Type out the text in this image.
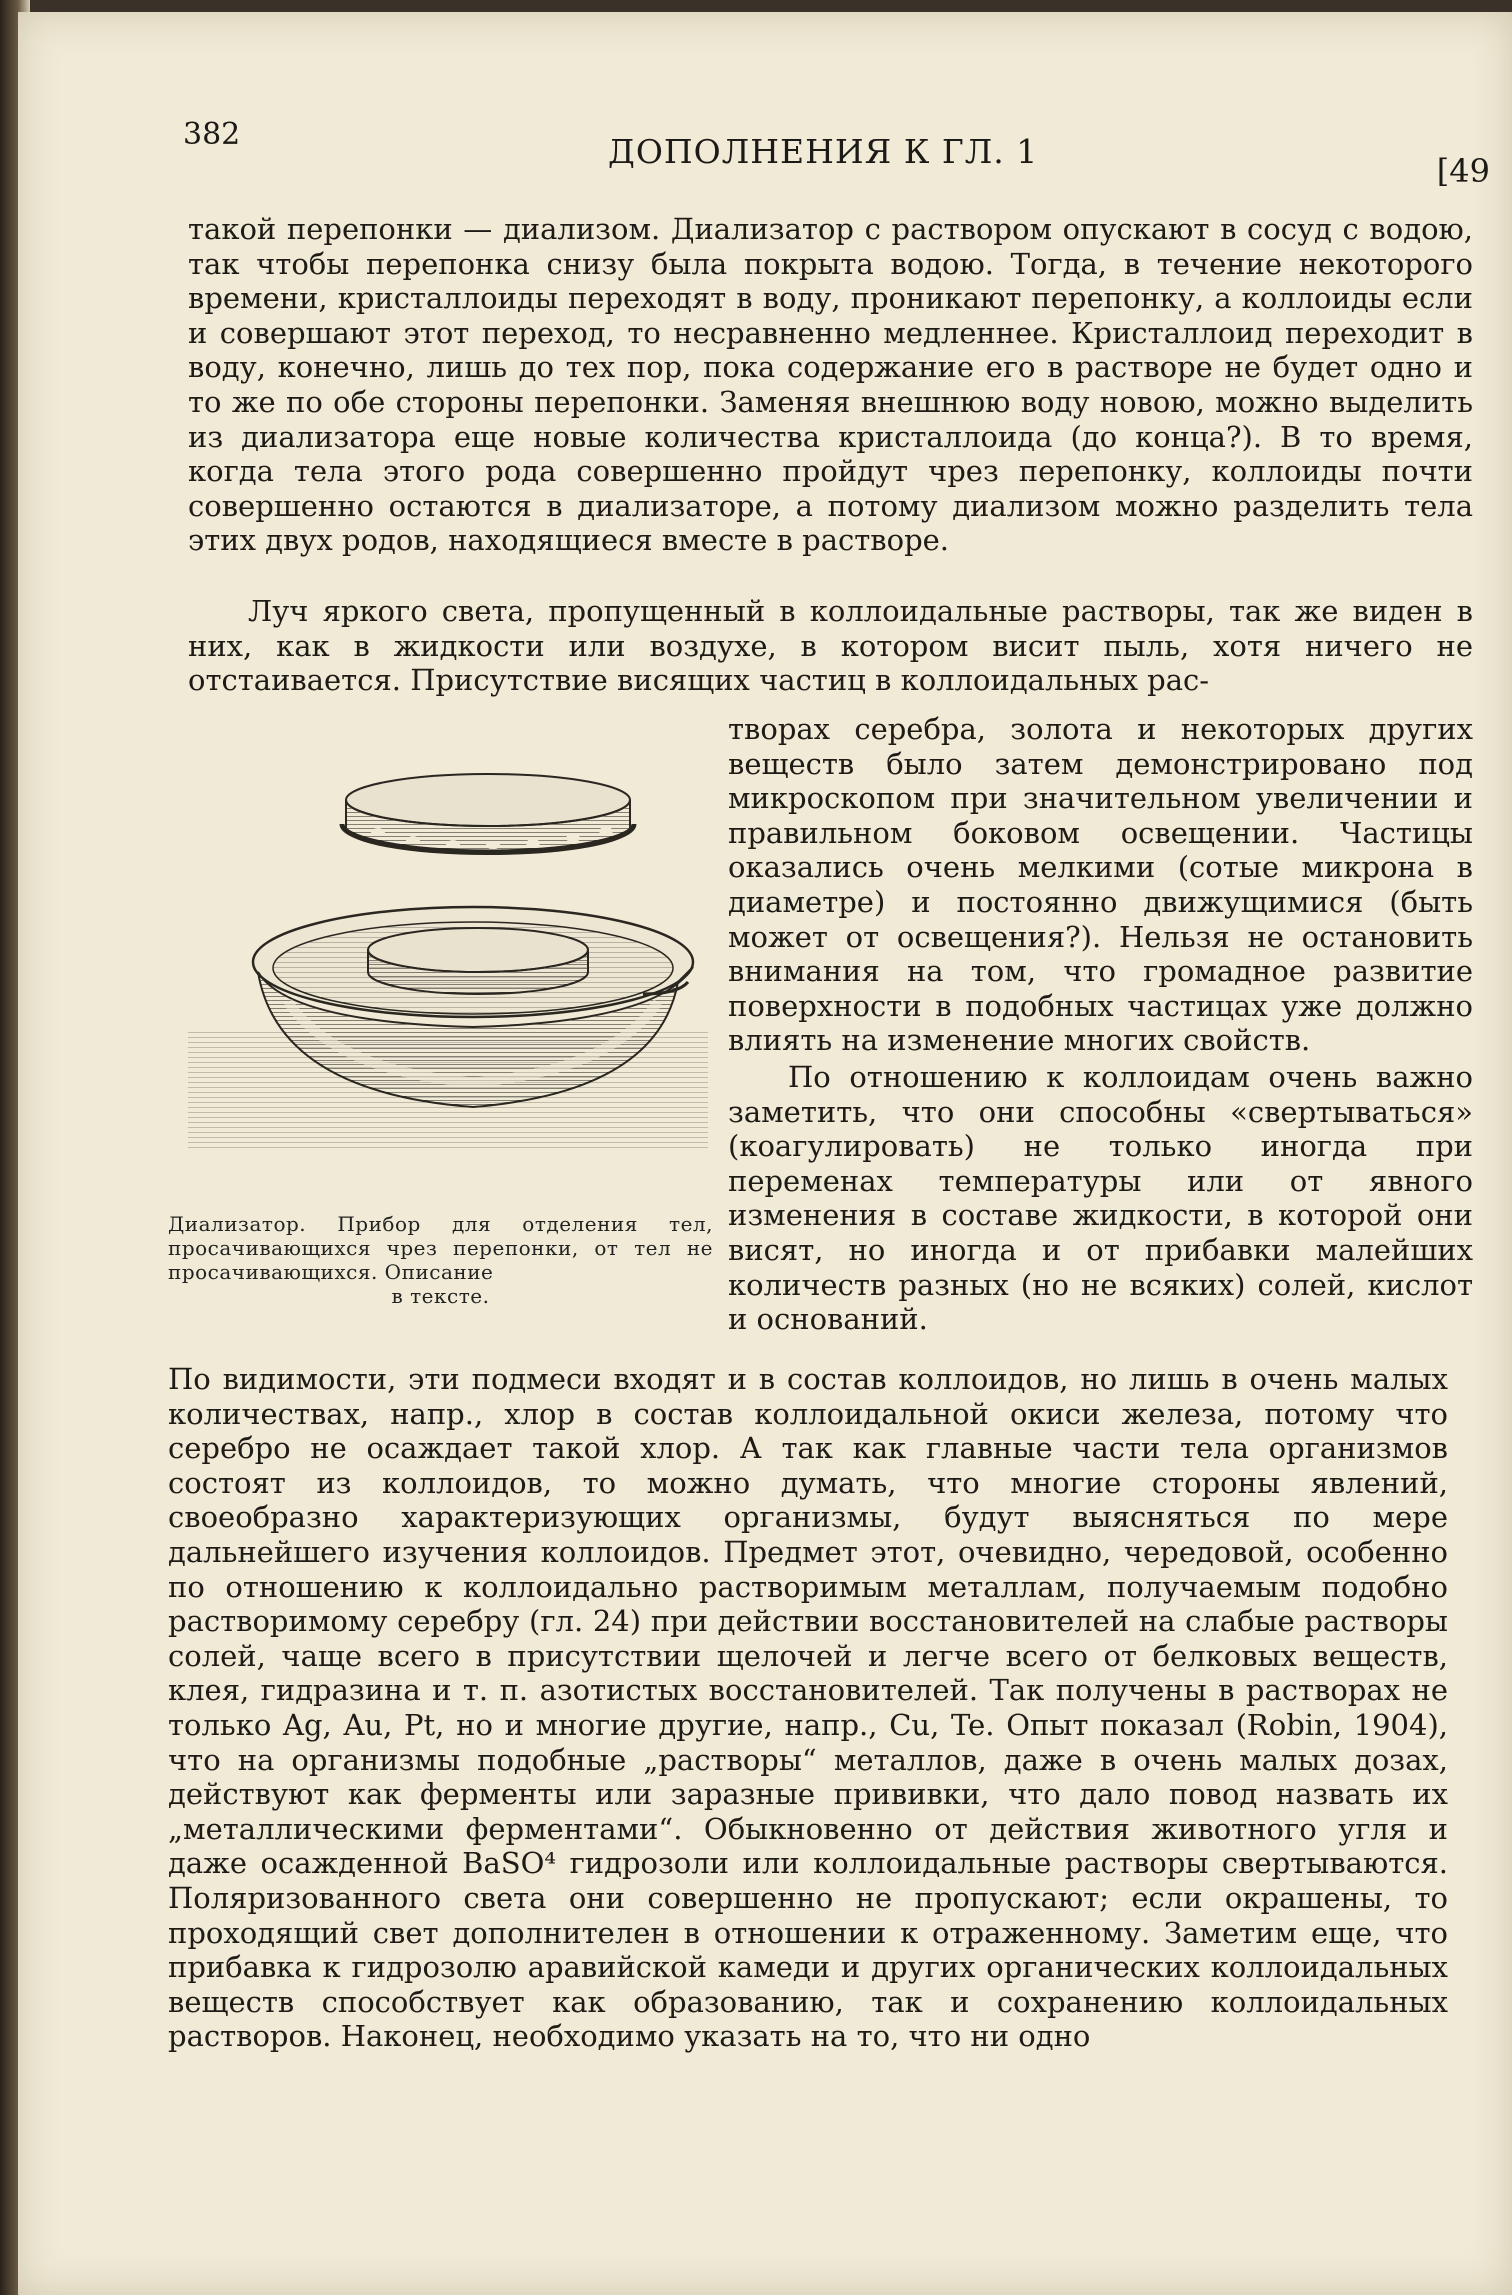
382	ДОПОЛНЕНИЯ К ГЛ. 1	[49

такой перепонки — диализом. Диализатор с раствором опускают в сосуд с водою, так чтобы перепонка снизу была покрыта водою. Тогда, в течение некоторого времени, кристаллоиды переходят в воду, проникают перепонку, а коллоиды если и совершают этот переход, то несравненно медленнее. Кристаллоид переходит в воду, конечно, лишь до тех пор, пока содержание его в растворе не будет одно и то же по обе стороны перепонки. Заменяя внешнюю воду новою, можно выделить из диализатора еще новые количества кристаллоида (до конца?). В то время, когда тела этого рода совершенно пройдут чрез перепонку, коллоиды почти совершенно остаются в диализаторе, а потому диализом можно разделить тела этих двух родов, находящиеся вместе в растворе.

Луч яркого света, пропущенный в коллоидальные растворы, так же виден в них, как в жидкости или воздухе, в котором висит пыль, хотя ничего не отстаивается. Присутствие висящих частиц в коллоидальных рас-

Диализатор. Прибор для отделения тел, просачивающихся чрез перепонки, от тел не просачивающихся. Описание
в тексте.

творах серебра, золота и некоторых других веществ было затем демонстрировано под микроскопом при значительном увеличении и правильном боковом освещении. Частицы оказались очень мелкими (сотые микрона в диаметре) и постоянно движущимися (быть может от освещения?). Нельзя не остановить внимания на том, что громадное развитие поверхности в подобных частицах уже должно влиять на изменение многих свойств.

По отношению к коллоидам очень важно заметить, что они способны «свертываться» (коагулировать) не только иногда при переменах температуры или от явного изменения в составе жидкости, в которой они висят, но иногда и от прибавки малейших количеств разных (но не всяких) солей, кислот и оснований.

По видимости, эти подмеси входят и в состав коллоидов, но лишь в очень малых количествах, напр., хлор в состав коллоидальной окиси железа, потому что серебро не осаждает такой хлор. А так как главные части тела организмов состоят из коллоидов, то можно думать, что многие стороны явлений, своеобразно характеризующих организмы, будут выясняться по мере дальнейшего изучения коллоидов. Предмет этот, очевидно, чередовой, особенно по отношению к коллоидально растворимым металлам, получаемым подобно растворимому серебру (гл. 24) при действии восстановителей на слабые растворы солей, чаще всего в присутствии щелочей и легче всего от белковых веществ, клея, гидразина и т. п. азотистых восстановителей. Так получены в растворах не только Ag, Au, Pt, но и многие другие, напр., Cu, Te. Опыт показал (Robin, 1904), что на организмы подобные „растворы“ металлов, даже в очень малых дозах, действуют как ферменты или заразные прививки, что дало повод назвать их „металлическими ферментами“. Обыкновенно от действия животного угля и даже осажденной BaSO⁴ гидрозоли или коллоидальные растворы свертываются. Поляризованного света они совершенно не пропускают; если окрашены, то проходящий свет дополнителен в отношении к отраженному. Заметим еще, что прибавка к гидрозолю аравийской камеди и других органических коллоидальных веществ способствует как образованию, так и сохранению коллоидальных растворов. Наконец, необходимо указать на то, что ни одно
